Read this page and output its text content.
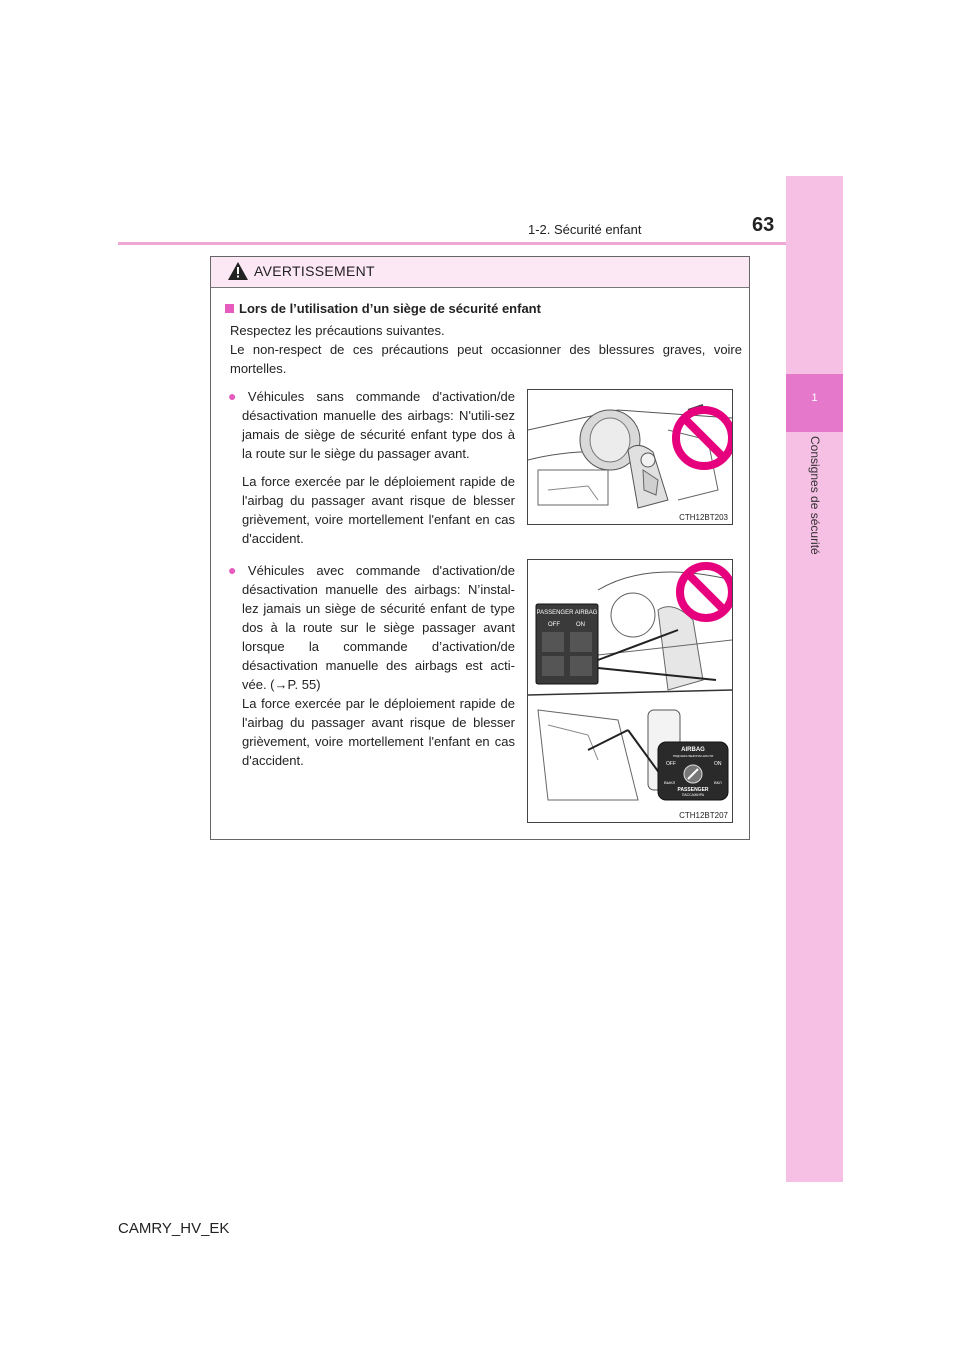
1-2. Sécurité enfant	63
1
Consignes de sécurité
AVERTISSEMENT
Lors de l’utilisation d’un siège de sécurité enfant
Respectez les précautions suivantes.
Le non-respect de ces précautions peut occasionner des blessures graves, voire mortelles.

● Véhicules sans commande d'activation/de désactivation manuelle des airbags: N'utili-sez jamais de siège de sécurité enfant type dos à la route sur le siège du passager avant.

La force exercée par le déploiement rapide de l'airbag du passager avant risque de blesser grièvement, voire mortellement l'enfant en cas d'accident.

CTH12BT203

● Véhicules avec commande d'activation/de désactivation manuelle des airbags: N’instal-lez jamais un siège de sécurité enfant de type dos à la route sur le siège passager avant lorsque la commande d’activation/de désactivation manuelle des airbags est acti-vée. (→P. 55)

La force exercée par le déploiement rapide de l'airbag du passager avant risque de blesser grièvement, voire mortellement l'enfant en cas d'accident.

PASSENGER AIRBAG
OFF	ON
AIRBAG
ПОДУШКА БЕЗОПАСНОСТИ
OFF	ON
ВЫКЛ	ВКЛ
PASSENGER
ПАССАЖИРА
CTH12BT207
CAMRY_HV_EK
